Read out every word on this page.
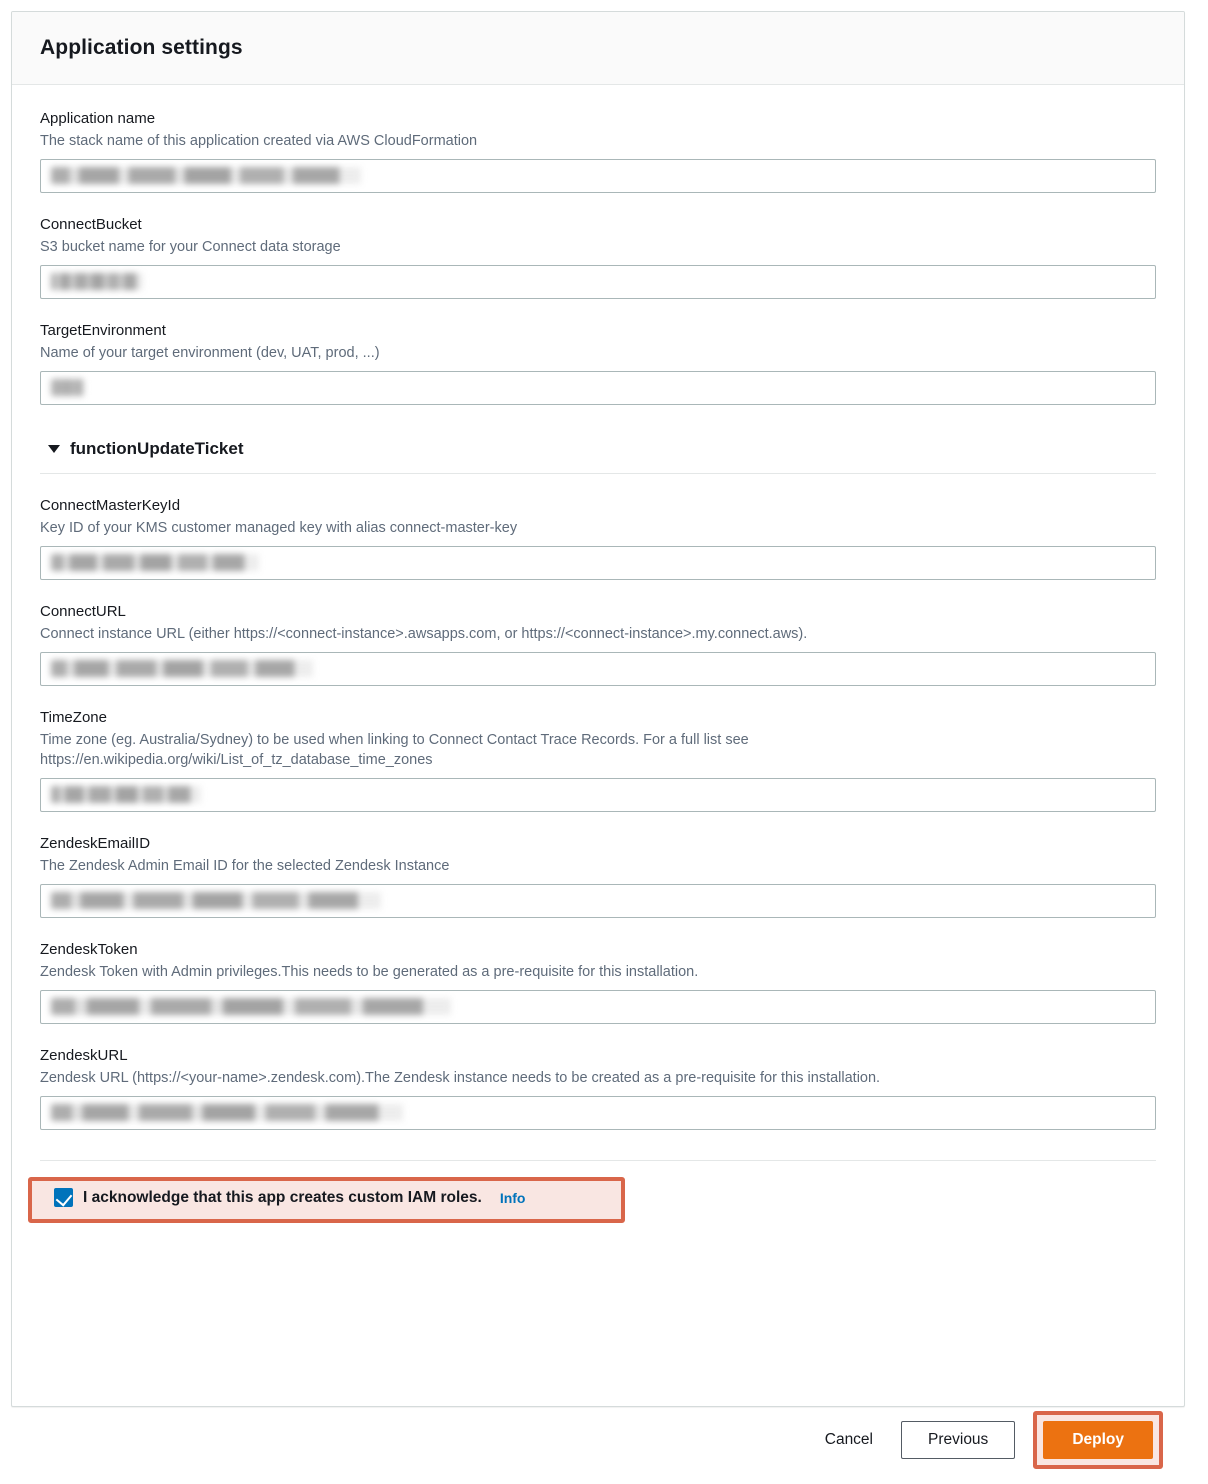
Application settings
Application name
The stack name of this application created via AWS CloudFormation
ConnectBucket
S3 bucket name for your Connect data storage
TargetEnvironment
Name of your target environment (dev, UAT, prod, ...)
functionUpdateTicket
ConnectMasterKeyId
Key ID of your KMS customer managed key with alias connect-master-key
ConnectURL
Connect instance URL (either https://<connect-instance>.awsapps.com, or https://<connect-instance>.my.connect.aws).
TimeZone
Time zone (eg. Australia/Sydney) to be used when linking to Connect Contact Trace Records. For a full list see https://en.wikipedia.org/wiki/List_of_tz_database_time_zones
ZendeskEmailID
The Zendesk Admin Email ID for the selected Zendesk Instance
ZendeskToken
Zendesk Token with Admin privileges.This needs to be generated as a pre-requisite for this installation.
ZendeskURL
Zendesk URL (https://<your-name>.zendesk.com).The Zendesk instance needs to be created as a pre-requisite for this installation.
I acknowledge that this app creates custom IAM roles. Info
Cancel	Previous	Deploy
